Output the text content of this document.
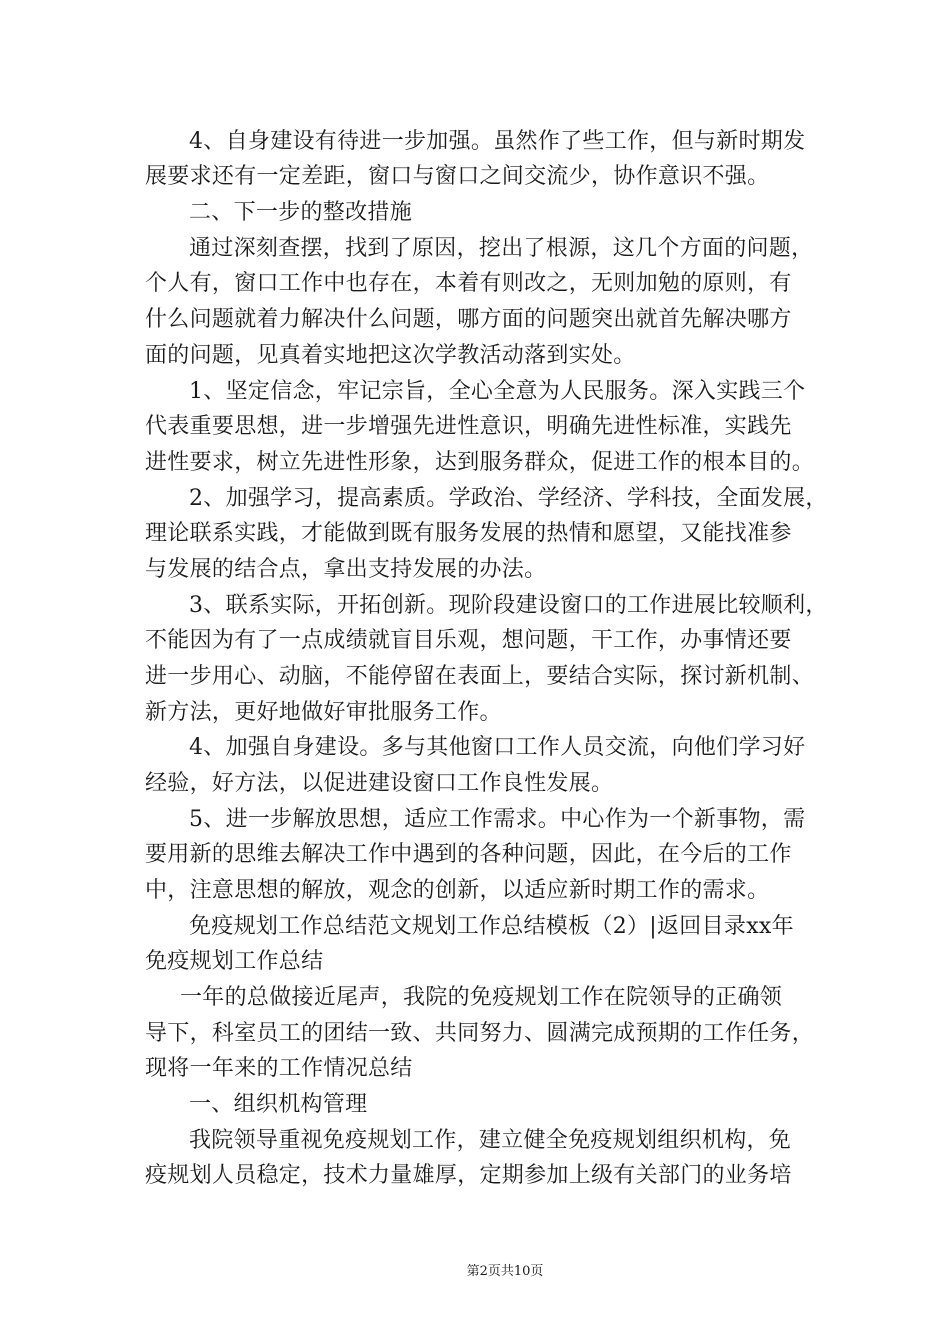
4、自身建设有待进一步加强。虽然作了些工作，但与新时期发
展要求还有一定差距，窗口与窗口之间交流少，协作意识不强。
二、下一步的整改措施
通过深刻查摆，找到了原因，挖出了根源，这几个方面的问题，
个人有，窗口工作中也存在，本着有则改之，无则加勉的原则，有
什么问题就着力解决什么问题，哪方面的问题突出就首先解决哪方
面的问题，见真着实地把这次学教活动落到实处。
1、坚定信念，牢记宗旨，全心全意为人民服务。深入实践三个
代表重要思想，进一步增强先进性意识，明确先进性标准，实践先
进性要求，树立先进性形象，达到服务群众，促进工作的根本目的。
2、加强学习，提高素质。学政治、学经济、学科技，全面发展，
理论联系实践，才能做到既有服务发展的热情和愿望，又能找准参
与发展的结合点，拿出支持发展的办法。
3、联系实际，开拓创新。现阶段建设窗口的工作进展比较顺利，
不能因为有了一点成绩就盲目乐观，想问题，干工作，办事情还要
进一步用心、动脑，不能停留在表面上，要结合实际，探讨新机制、
新方法，更好地做好审批服务工作。
4、加强自身建设。多与其他窗口工作人员交流，向他们学习好
经验，好方法，以促进建设窗口工作良性发展。
5、进一步解放思想，适应工作需求。中心作为一个新事物，需
要用新的思维去解决工作中遇到的各种问题，因此，在今后的工作
中，注意思想的解放，观念的创新，以适应新时期工作的需求。
免疫规划工作总结范文规划工作总结模板（2）|返回目录xx年
免疫规划工作总结
一年的总做接近尾声，我院的免疫规划工作在院领导的正确领
导下，科室员工的团结一致、共同努力、圆满完成预期的工作任务，
现将一年来的工作情况总结
一、组织机构管理
我院领导重视免疫规划工作，建立健全免疫规划组织机构，免
疫规划人员稳定，技术力量雄厚，定期参加上级有关部门的业务培
第2页共10页
